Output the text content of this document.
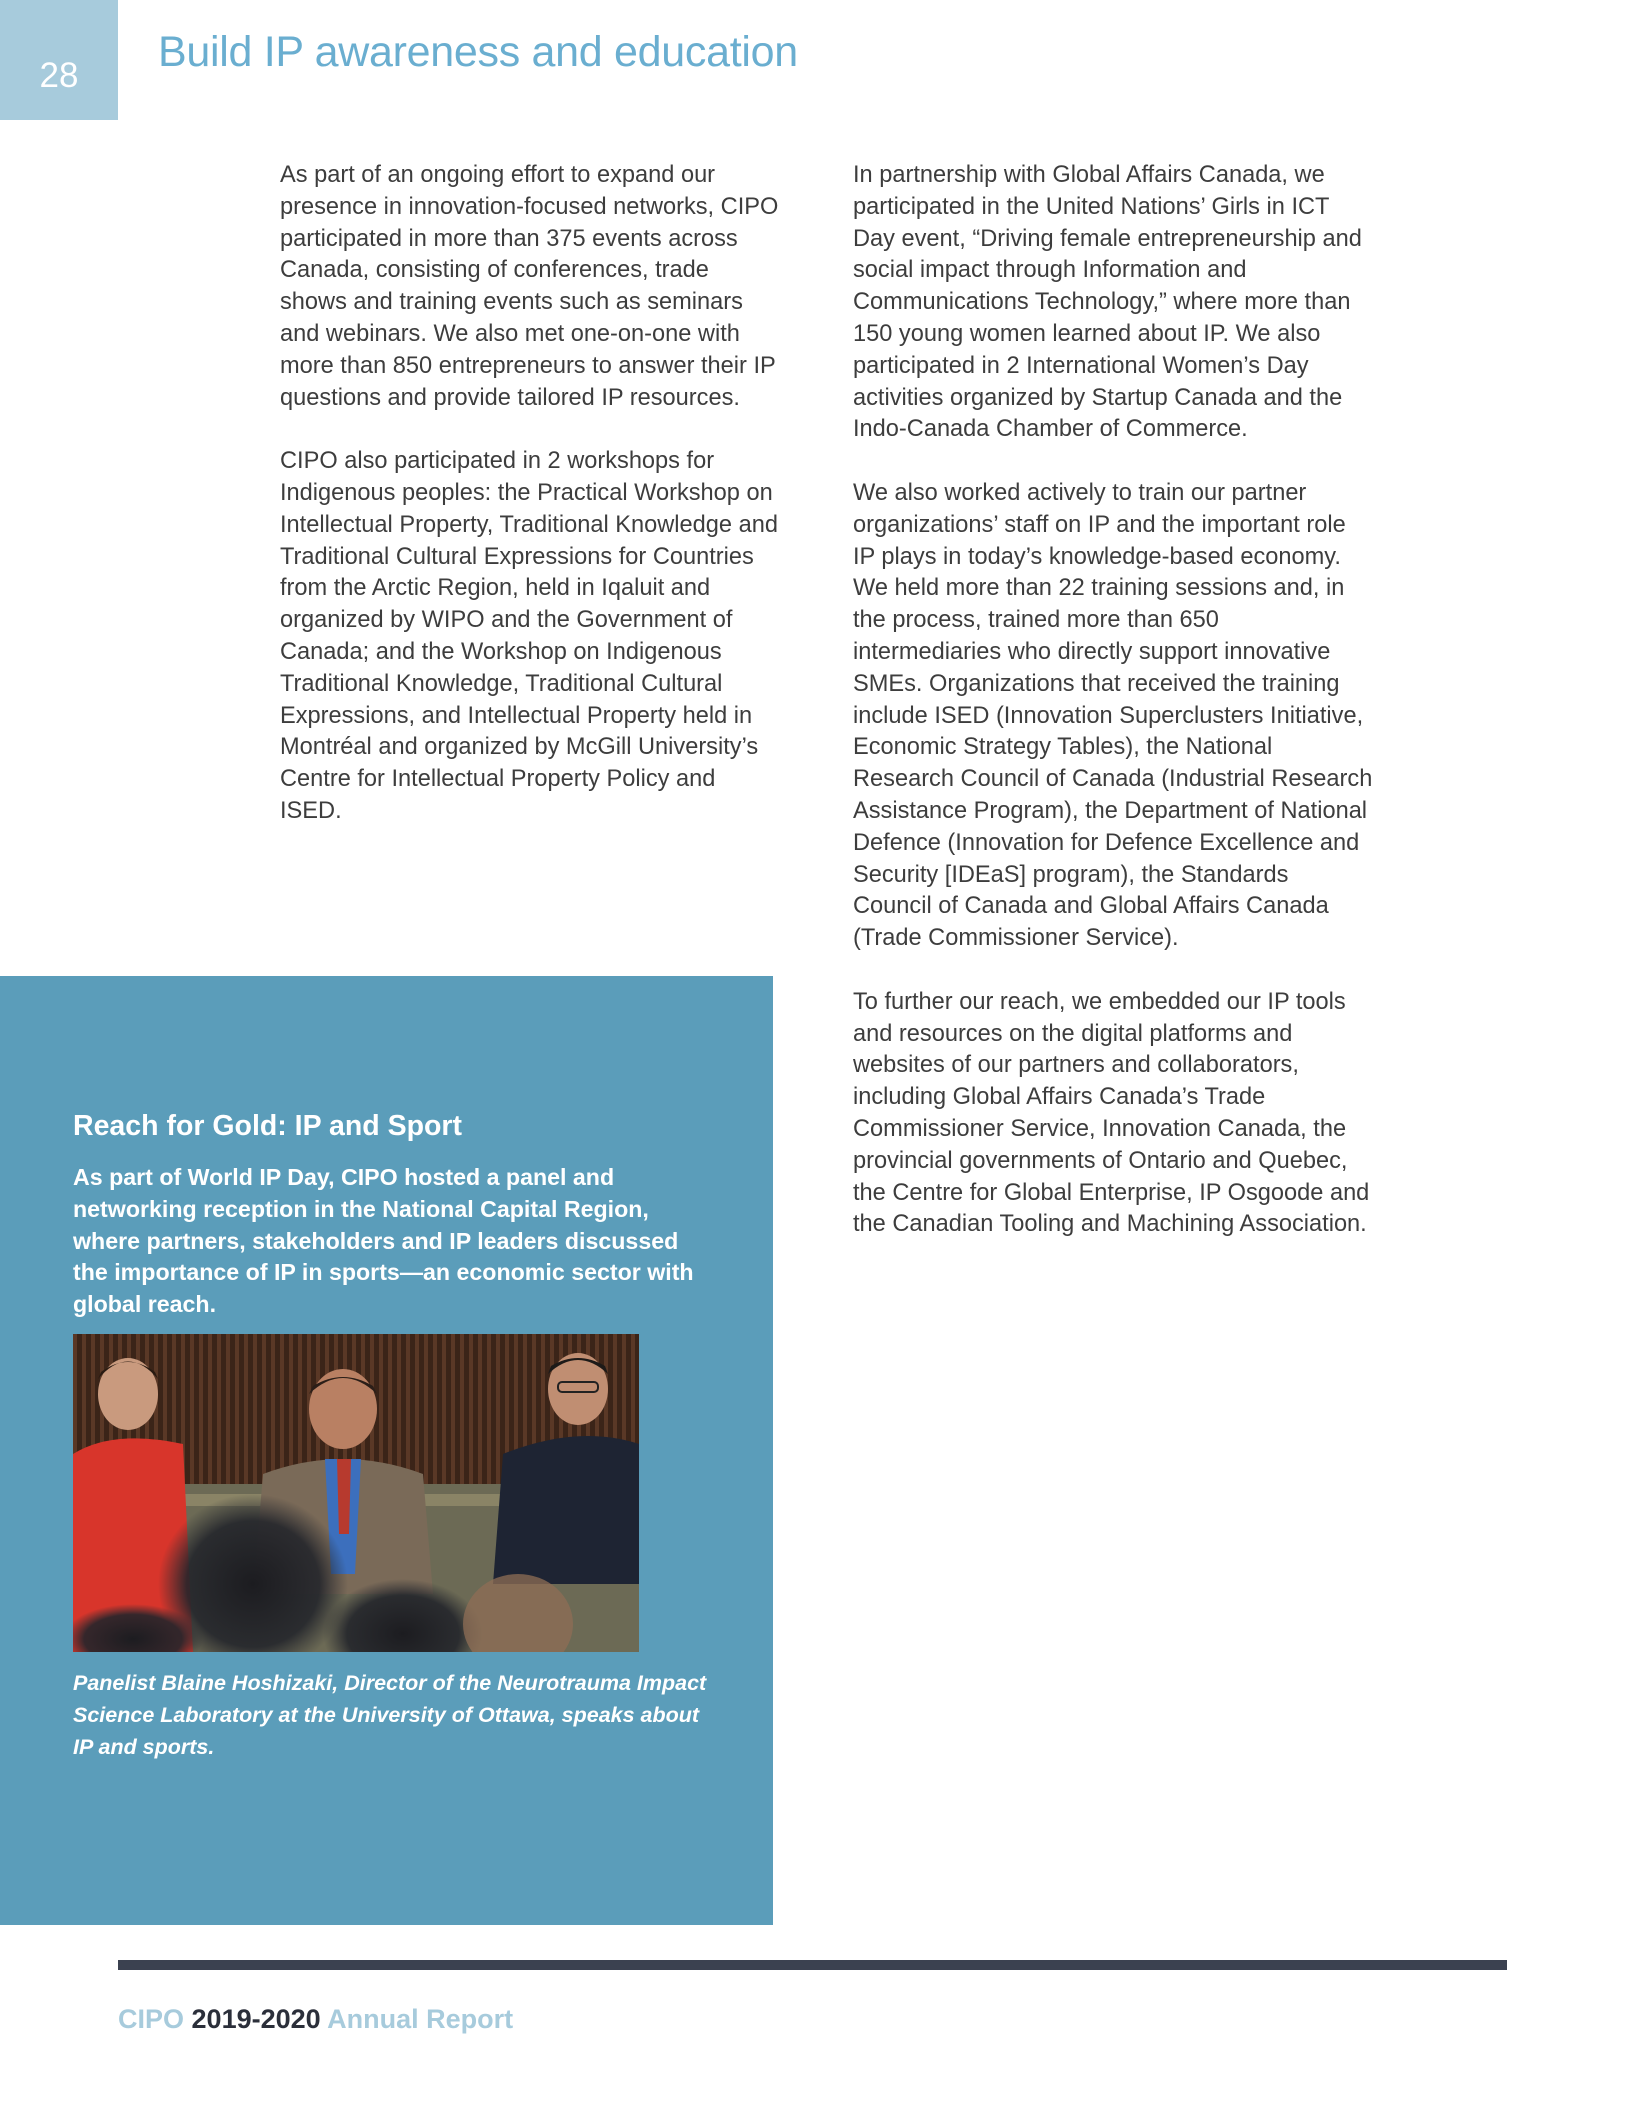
28	Build IP awareness and education

As part of an ongoing effort to expand our presence in innovation-focused networks, CIPO participated in more than 375 events across Canada, consisting of conferences, trade shows and training events such as seminars and webinars. We also met one-on-one with more than 850 entrepreneurs to answer their IP questions and provide tailored IP resources.

CIPO also participated in 2 workshops for Indigenous peoples: the Practical Workshop on Intellectual Property, Traditional Knowledge and Traditional Cultural Expressions for Countries from the Arctic Region, held in Iqaluit and organized by WIPO and the Government of Canada; and the Workshop on Indigenous Traditional Knowledge, Traditional Cultural Expressions, and Intellectual Property held in Montréal and organized by McGill University’s Centre for Intellectual Property Policy and ISED.

In partnership with Global Affairs Canada, we participated in the United Nations’ Girls in ICT Day event, “Driving female entrepreneurship and social impact through Information and Communications Technology,” where more than 150 young women learned about IP. We also participated in 2 International Women’s Day activities organized by Startup Canada and the Indo-Canada Chamber of Commerce.

We also worked actively to train our partner organizations’ staff on IP and the important role IP plays in today’s knowledge-based economy. We held more than 22 training sessions and, in the process, trained more than 650 intermediaries who directly support innovative SMEs. Organizations that received the training include ISED (Innovation Superclusters Initiative, Economic Strategy Tables), the National Research Council of Canada (Industrial Research Assistance Program), the Department of National Defence (Innovation for Defence Excellence and Security [IDEaS] program), the Standards Council of Canada and Global Affairs Canada (Trade Commissioner Service).

To further our reach, we embedded our IP tools and resources on the digital platforms and websites of our partners and collaborators, including Global Affairs Canada’s Trade Commissioner Service, Innovation Canada, the provincial governments of Ontario and Quebec, the Centre for Global Enterprise, IP Osgoode and the Canadian Tooling and Machining Association.

Reach for Gold: IP and Sport

As part of World IP Day, CIPO hosted a panel and networking reception in the National Capital Region, where partners, stakeholders and IP leaders discussed the importance of IP in sports—an economic sector with global reach.

Panelist Blaine Hoshizaki, Director of the Neurotrauma Impact Science Laboratory at the University of Ottawa, speaks about IP and sports.

CIPO 2019-2020 Annual Report
